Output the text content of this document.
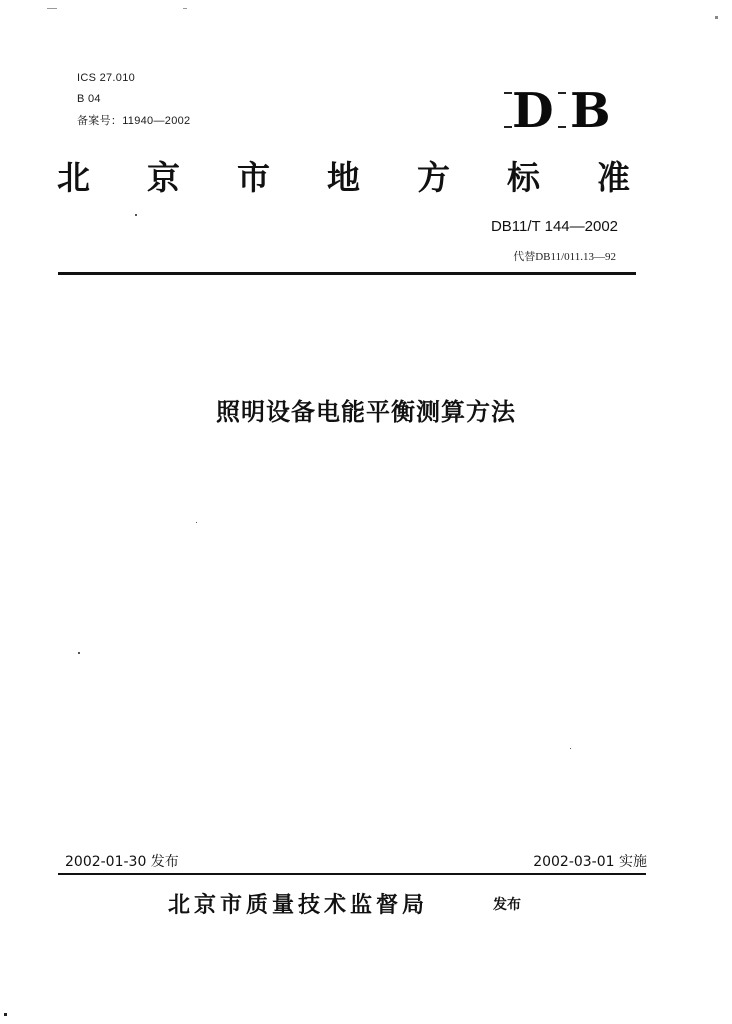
ICS 27.010
B 04
备案号：11940—2002	D B
北 京 市 地 方 标 准
DB11/T 144—2002
代替DB11/011.13—92
照明设备电能平衡测算方法
2002-01-30 发布	2002-03-01 实施
北京市质量技术监督局	发布
